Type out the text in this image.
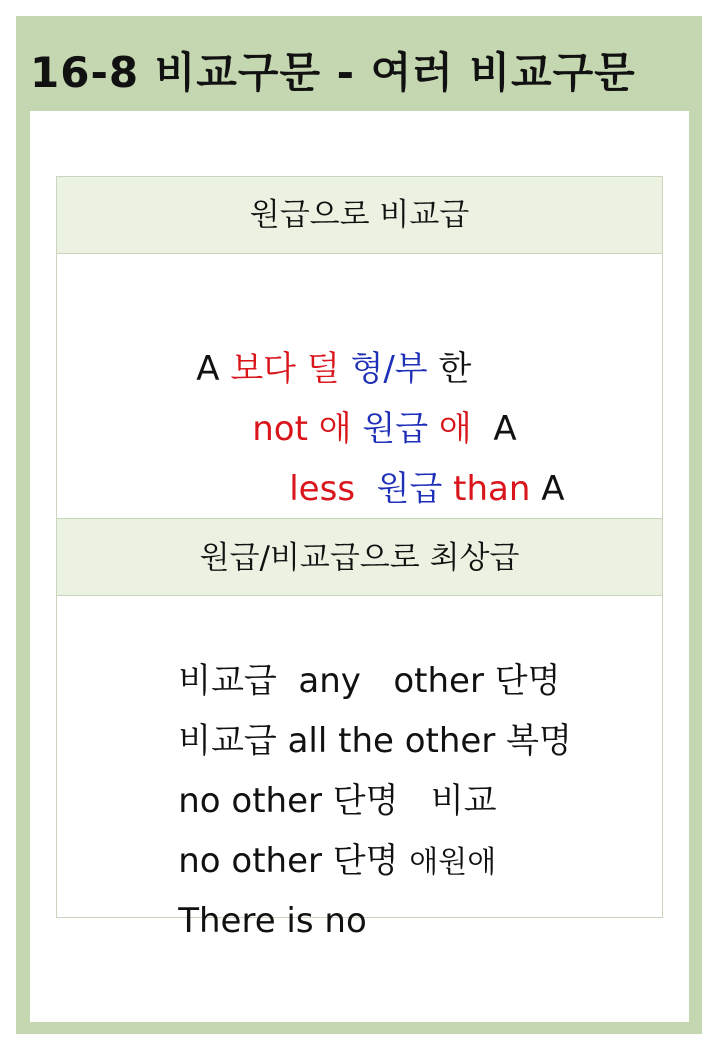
16-8 비교구문 - 여러 비교구문
원급으로 비교급

A 보다 덜 형/부 한

not 애 원급 애 A

less 원급 than A

원급/비교급으로 최상급

비교급 any other 단명

비교급 all the other 복명

no other 단명 비교

no other 단명 애원애

There is no
